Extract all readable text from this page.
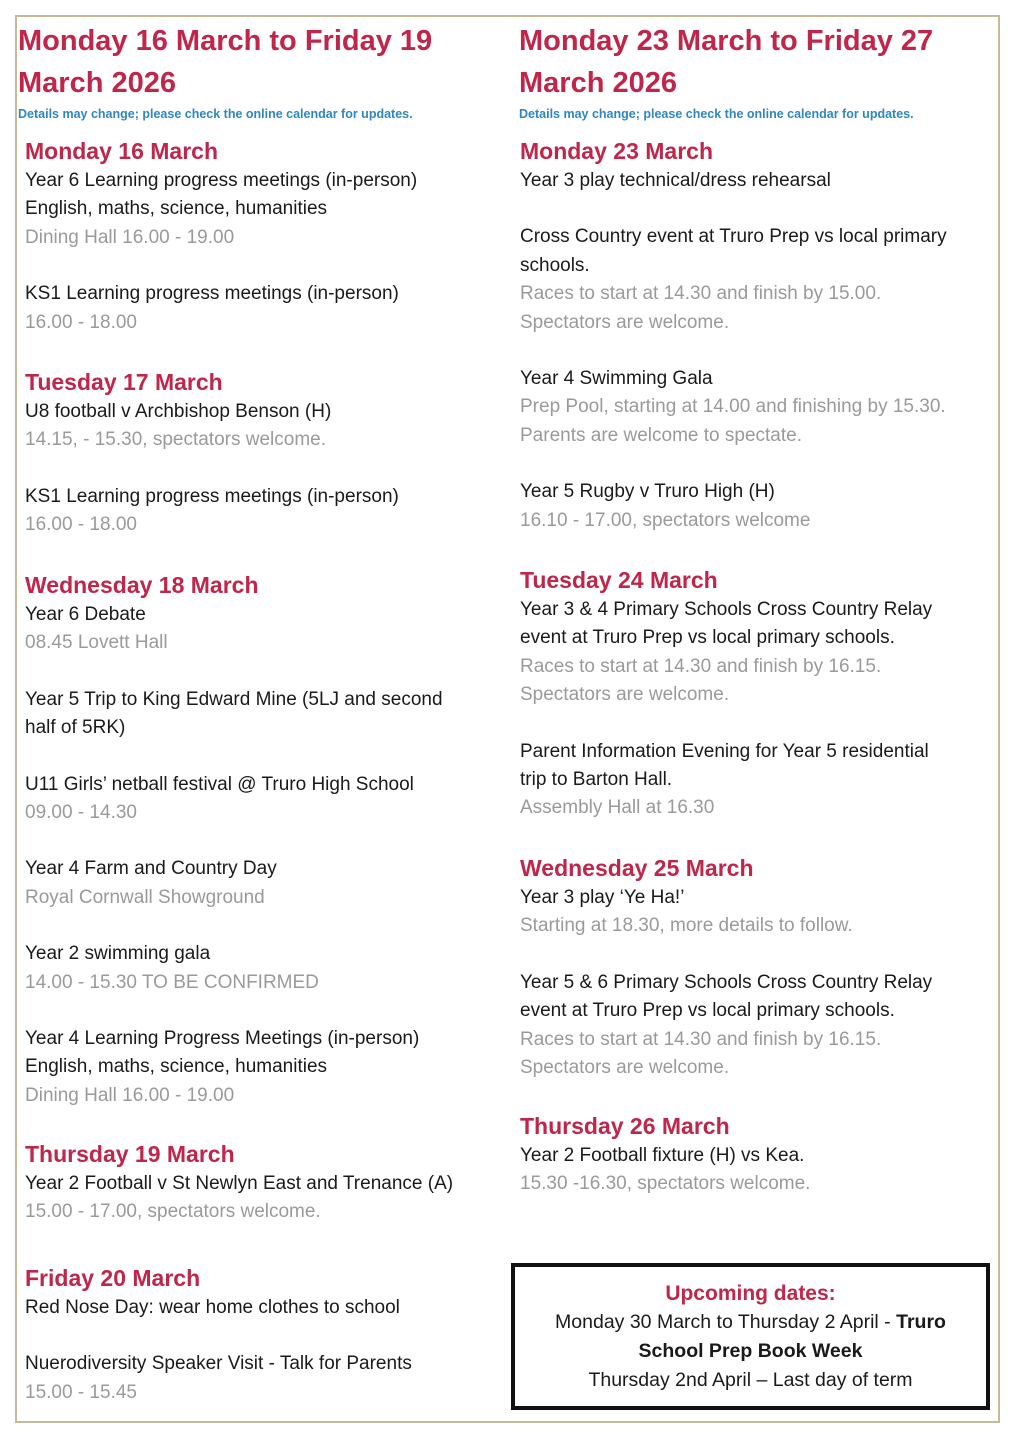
Monday 16 March to Friday 19 March 2026

Details may change; please check the online calendar for updates.

Monday 16 March

Year 6 Learning progress meetings (in-person)

English, maths, science, humanities

Dining Hall 16.00 - 19.00

KS1 Learning progress meetings (in-person)

16.00 - 18.00

Tuesday 17 March

U8 football v Archbishop Benson (H)

14.15, - 15.30, spectators welcome.

KS1 Learning progress meetings (in-person)

16.00 - 18.00

Wednesday 18 March

Year 6 Debate

08.45 Lovett Hall

Year 5 Trip to King Edward Mine (5LJ and second

half of 5RK)

U11 Girls’ netball festival @ Truro High School

09.00 - 14.30

Year 4 Farm and Country Day

Royal Cornwall Showground

Year 2 swimming gala

14.00 - 15.30 TO BE CONFIRMED

Year 4 Learning Progress Meetings (in-person)

English, maths, science, humanities

Dining Hall 16.00 - 19.00

Thursday 19 March

Year 2 Football v St Newlyn East and Trenance (A)

15.00 - 17.00, spectators welcome.

Friday 20 March

Red Nose Day: wear home clothes to school

Nuerodiversity Speaker Visit - Talk for Parents

15.00 - 15.45

Monday 23 March to Friday 27 March 2026

Details may change; please check the online calendar for updates.

Monday 23 March

Year 3 play technical/dress rehearsal

Cross Country event at Truro Prep vs local primary

schools.

Races to start at 14.30 and finish by 15.00.

Spectators are welcome.

Year 4 Swimming Gala

Prep Pool, starting at 14.00 and finishing by 15.30.

Parents are welcome to spectate.

Year 5 Rugby v Truro High (H)

16.10 - 17.00, spectators welcome

Tuesday 24 March

Year 3 & 4 Primary Schools Cross Country Relay

event at Truro Prep vs local primary schools.

Races to start at 14.30 and finish by 16.15.

Spectators are welcome.

Parent Information Evening for Year 5 residential

trip to Barton Hall.

Assembly Hall at 16.30

Wednesday 25 March

Year 3 play ‘Ye Ha!’

Starting at 18.30, more details to follow.

Year 5 & 6 Primary Schools Cross Country Relay

event at Truro Prep vs local primary schools.

Races to start at 14.30 and finish by 16.15.

Spectators are welcome.

Thursday 26 March

Year 2 Football fixture (H) vs Kea.

15.30 -16.30, spectators welcome.

Upcoming dates:
Monday 30 March to Thursday 2 April - Truro
School Prep Book Week
Thursday 2nd April – Last day of term
